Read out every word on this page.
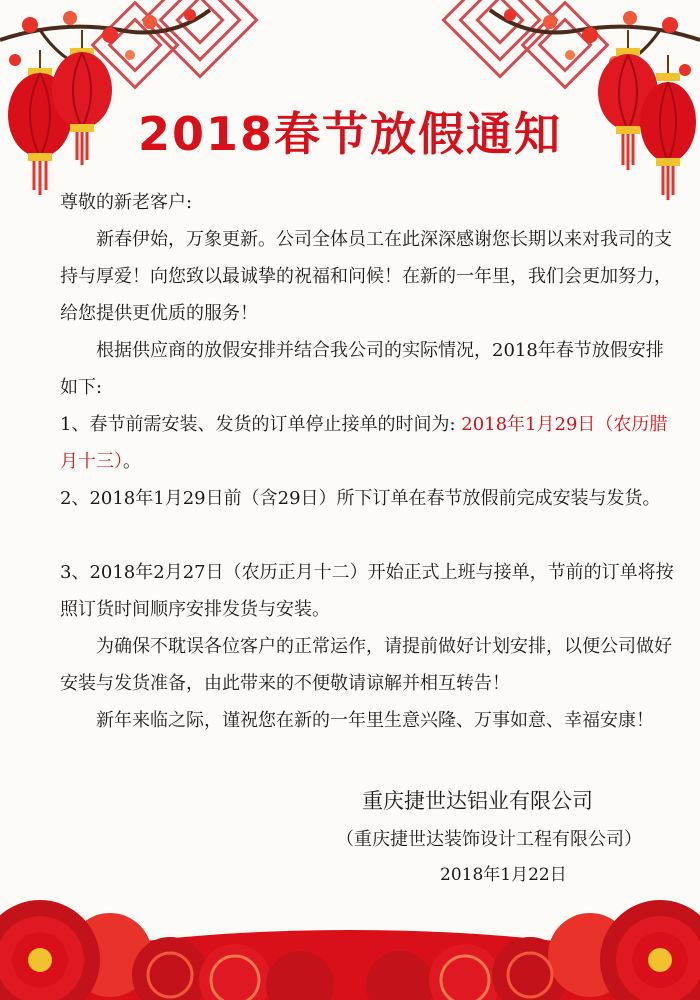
2018春节放假通知

尊敬的新老客户:

新春伊始，万象更新。公司全体员工在此深深感谢您长期以来对我司的支持与厚爱！向您致以最诚挚的祝福和问候！在新的一年里，我们会更加努力，给您提供更优质的服务！

根据供应商的放假安排并结合我公司的实际情况，2018年春节放假安排如下:

1、春节前需安装、发货的订单停止接单的时间为: 2018年1月29日（农历腊月十三）。

2、2018年1月29日前（含29日）所下订单在春节放假前完成安装与发货。

3、2018年2月27日（农历正月十二）开始正式上班与接单，节前的订单将按照订货时间顺序安排发货与安装。

为确保不耽误各位客户的正常运作，请提前做好计划安排，以便公司做好安装与发货准备，由此带来的不便敬请谅解并相互转告！

新年来临之际，谨祝您在新的一年里生意兴隆、万事如意、幸福安康！

重庆捷世达铝业有限公司
（重庆捷世达装饰设计工程有限公司）
2018年1月22日
